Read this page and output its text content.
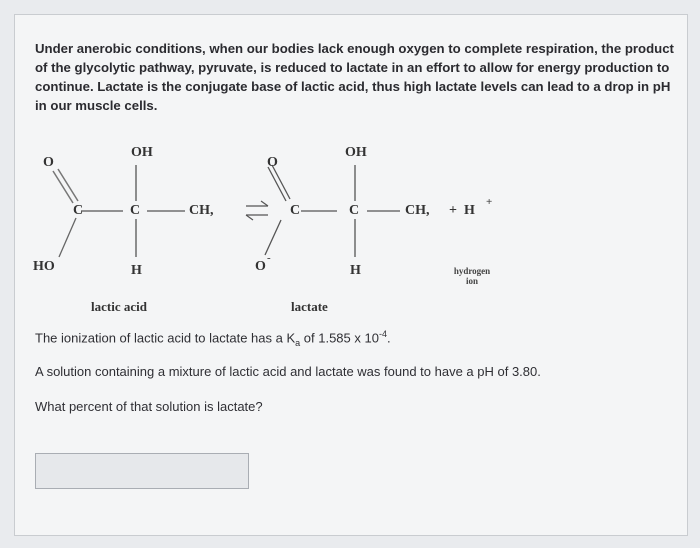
Under anerobic conditions, when our bodies lack enough oxygen to complete respiration, the product of the glycolytic pathway, pyruvate, is reduced to lactate in an effort to allow for energy production to continue. Lactate is the conjugate base of lactic acid, thus high lactate levels can lead to a drop in pH in our muscle cells.
O
OH
O
OH
C	C	CH,	C	C	CH, +  H
+
HO	H	O
-
H	hydrogen
ion
lactic acid	lactate
The ionization of lactic acid to lactate has a $K_a$ of 1.585 x $10^{-4}$.
A solution containing a mixture of lactic acid and lactate was found to have a pH of 3.80.
What percent of that solution is lactate?
